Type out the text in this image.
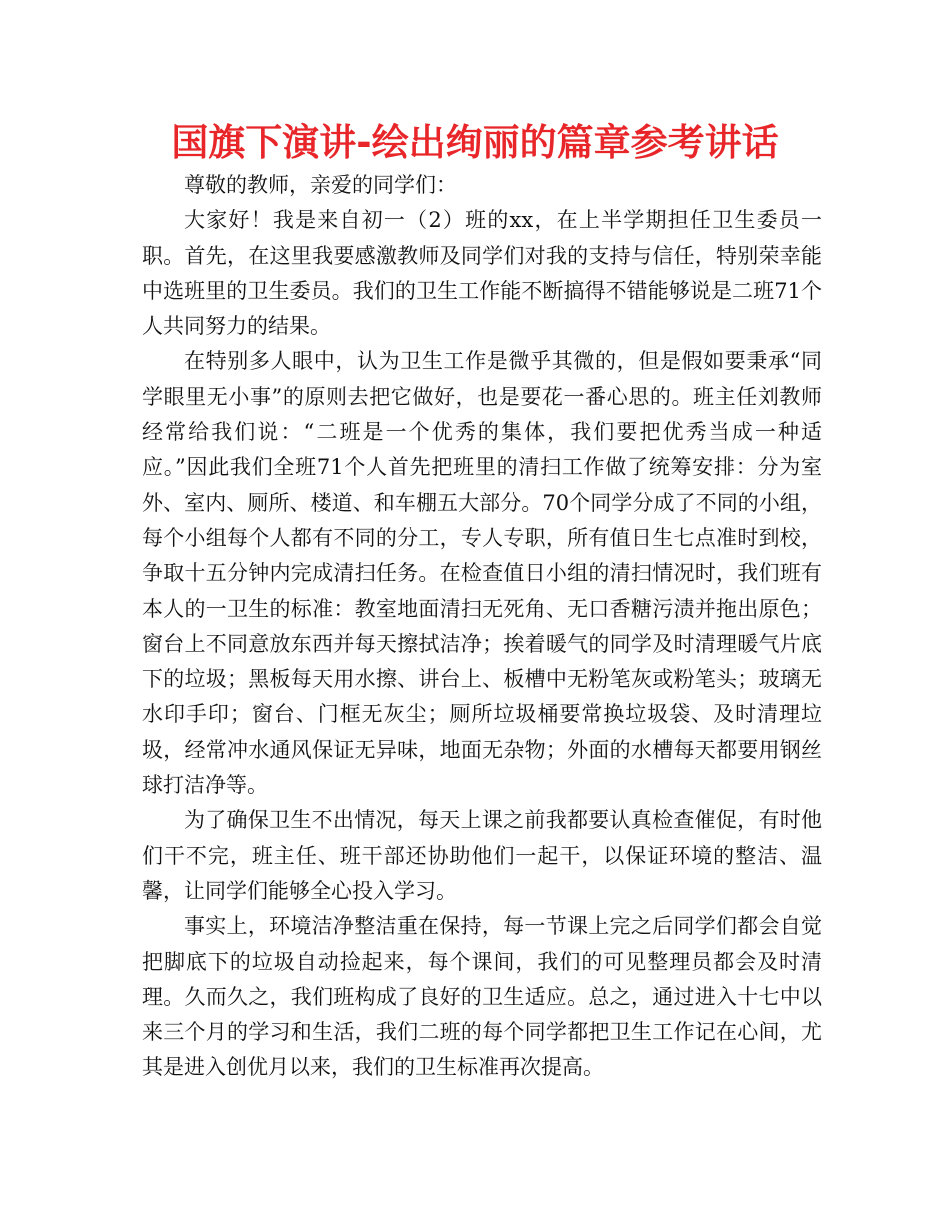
国旗下演讲-绘出绚丽的篇章参考讲话

尊敬的教师，亲爱的同学们：

大家好！我是来自初一（2）班的xx，在上半学期担任卫生委员一职。首先，在这里我要感激教师及同学们对我的支持与信任，特别荣幸能中选班里的卫生委员。我们的卫生工作能不断搞得不错能够说是二班71个人共同努力的结果。

在特别多人眼中，认为卫生工作是微乎其微的，但是假如要秉承“同学眼里无小事”的原则去把它做好，也是要花一番心思的。班主任刘教师经常给我们说：“二班是一个优秀的集体，我们要把优秀当成一种适应。”因此我们全班71个人首先把班里的清扫工作做了统筹安排：分为室外、室内、厕所、楼道、和车棚五大部分。70个同学分成了不同的小组，每个小组每个人都有不同的分工，专人专职，所有值日生七点准时到校，争取十五分钟内完成清扫任务。在检查值日小组的清扫情况时，我们班有本人的一卫生的标准：教室地面清扫无死角、无口香糖污渍并拖出原色；窗台上不同意放东西并每天擦拭洁净；挨着暖气的同学及时清理暖气片底下的垃圾；黑板每天用水擦、讲台上、板槽中无粉笔灰或粉笔头；玻璃无水印手印；窗台、门框无灰尘；厕所垃圾桶要常换垃圾袋、及时清理垃圾，经常冲水通风保证无异味，地面无杂物；外面的水槽每天都要用钢丝球打洁净等。

为了确保卫生不出情况，每天上课之前我都要认真检查催促，有时他们干不完，班主任、班干部还协助他们一起干，以保证环境的整洁、温馨，让同学们能够全心投入学习。

事实上，环境洁净整洁重在保持，每一节课上完之后同学们都会自觉把脚底下的垃圾自动捡起来，每个课间，我们的可见整理员都会及时清理。久而久之，我们班构成了良好的卫生适应。总之，通过进入十七中以来三个月的学习和生活，我们二班的每个同学都把卫生工作记在心间，尤其是进入创优月以来，我们的卫生标准再次提高。
